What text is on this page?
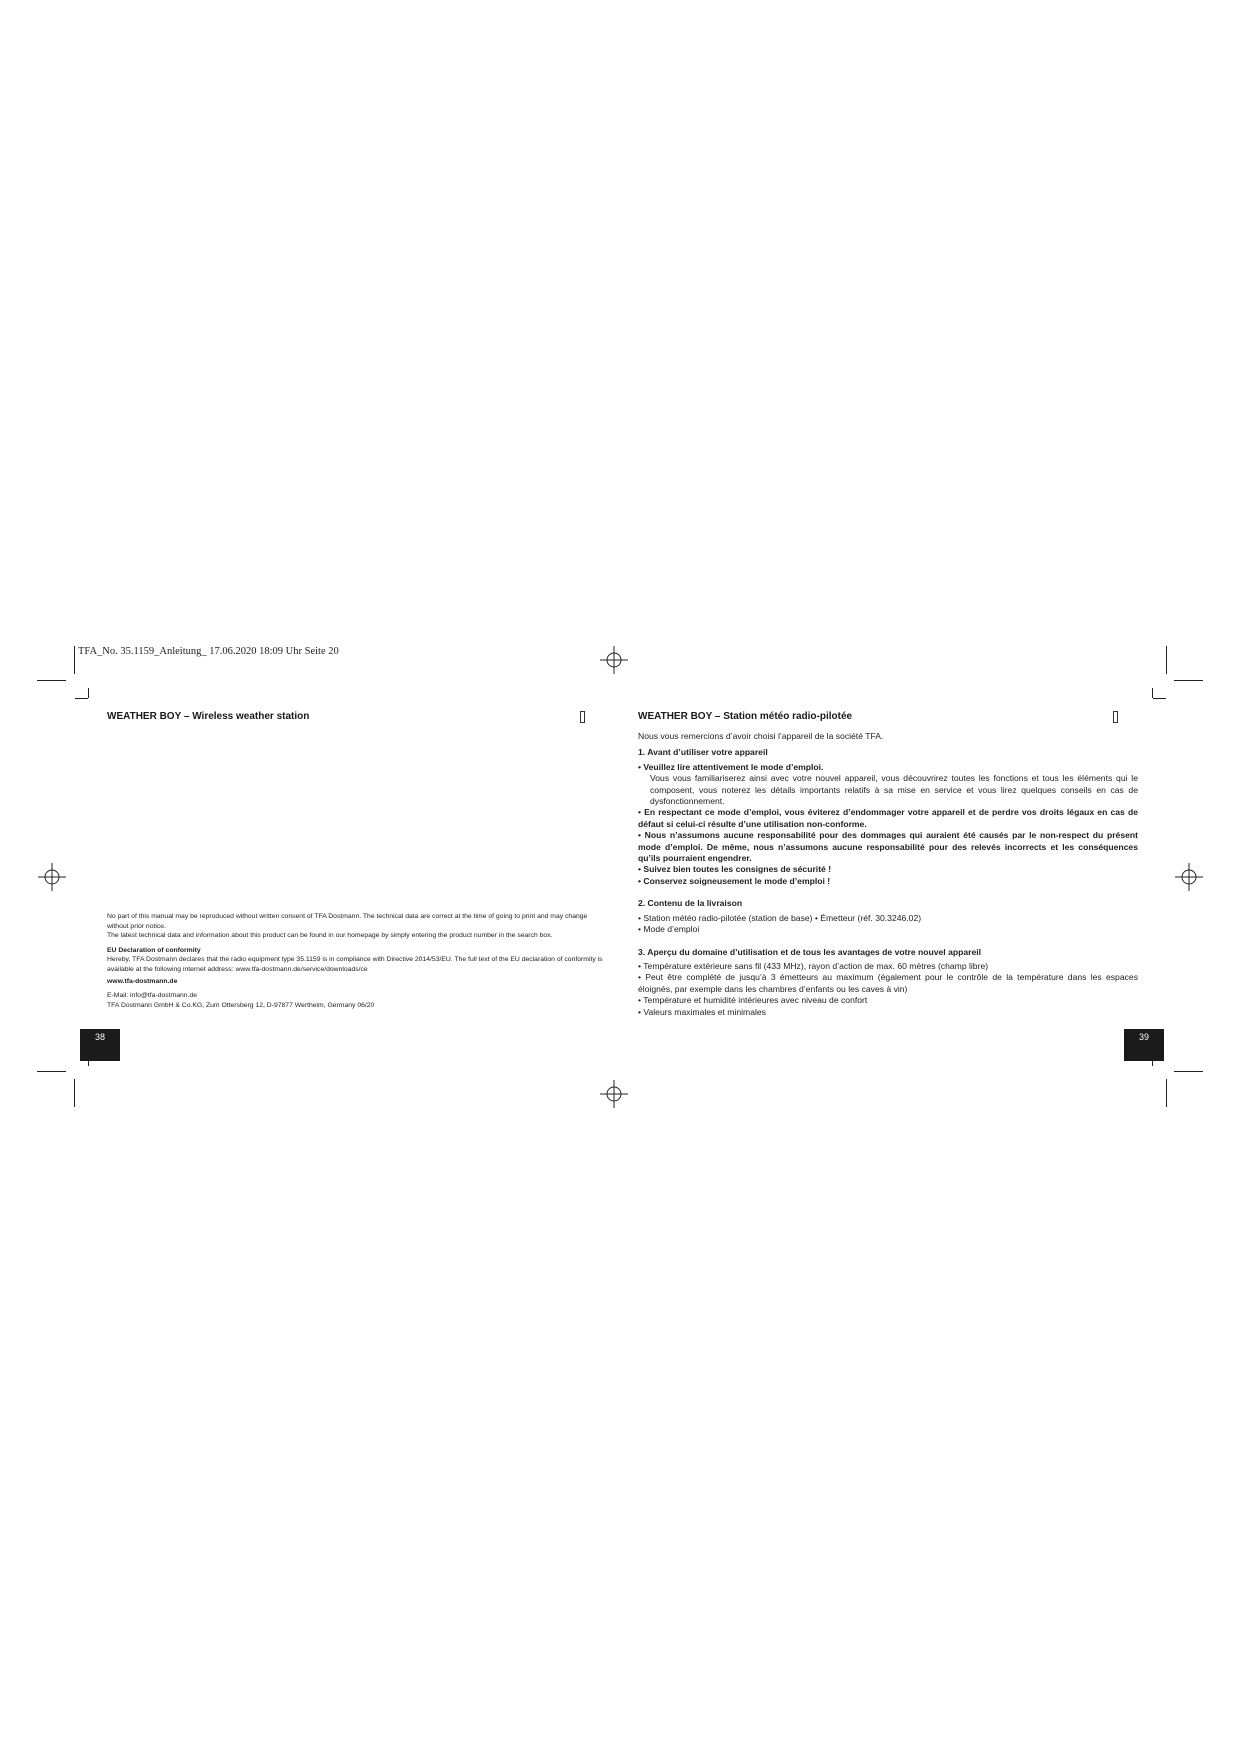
TFA_No. 35.1159_Anleitung_ 17.06.2020 18:09 Uhr Seite 20
WEATHER BOY – Wireless weather station

No part of this manual may be reproduced without written consent of TFA Dostmann. The technical data are correct at the time of going to print and may change without prior notice.

The latest technical data and information about this product can be found in our homepage by simply entering the product number in the search box.

EU Declaration of conformity

Hereby, TFA Dostmann declares that the radio equipment type 35.1159 is in compliance with Directive 2014/53/EU. The full text of the EU declaration of conformity is available at the following internet address: www.tfa-dostmann.de/service/downloads/ce

www.tfa-dostmann.de

E-Mail: info@tfa-dostmann.de

TFA Dostmann GmbH & Co.KG, Zum Ottersberg 12, D-97877 Wertheim, Germany 06/20

38
WEATHER BOY – Station météo radio-pilotée

Nous vous remercions d’avoir choisi l’appareil de la société TFA.

1. Avant d’utiliser votre appareil

• Veuillez lire attentivement le mode d’emploi.

Vous vous familiariserez ainsi avec votre nouvel appareil, vous découvrirez toutes les fonctions et tous les éléments qui le composent, vous noterez les détails importants relatifs à sa mise en service et vous lirez quelques conseils en cas de dysfonctionnement.

• En respectant ce mode d’emploi, vous éviterez d’endommager votre appareil et de perdre vos droits légaux en cas de défaut si celui-ci résulte d’une utilisation non-conforme.

• Nous n’assumons aucune responsabilité pour des dommages qui auraient été causés par le non-respect du présent mode d’emploi. De même, nous n’assumons aucune responsabilité pour des relevés incorrects et les conséquences qu’ils pourraient engendrer.

• Suivez bien toutes les consignes de sécurité !

• Conservez soigneusement le mode d’emploi !

2. Contenu de la livraison

• Station météo radio-pilotée (station de base) • Émetteur (réf. 30.3246.02)

• Mode d’emploi

3. Aperçu du domaine d’utilisation et de tous les avantages de votre nouvel appareil

• Température extérieure sans fil (433 MHz), rayon d’action de max. 60 mètres (champ libre)

• Peut être complété de jusqu’à 3 émetteurs au maximum (également pour le contrôle de la température dans les espaces éloignés, par exemple dans les chambres d’enfants ou les caves à vin)

• Température et humidité intérieures avec niveau de confort

• Valeurs maximales et minimales

39
